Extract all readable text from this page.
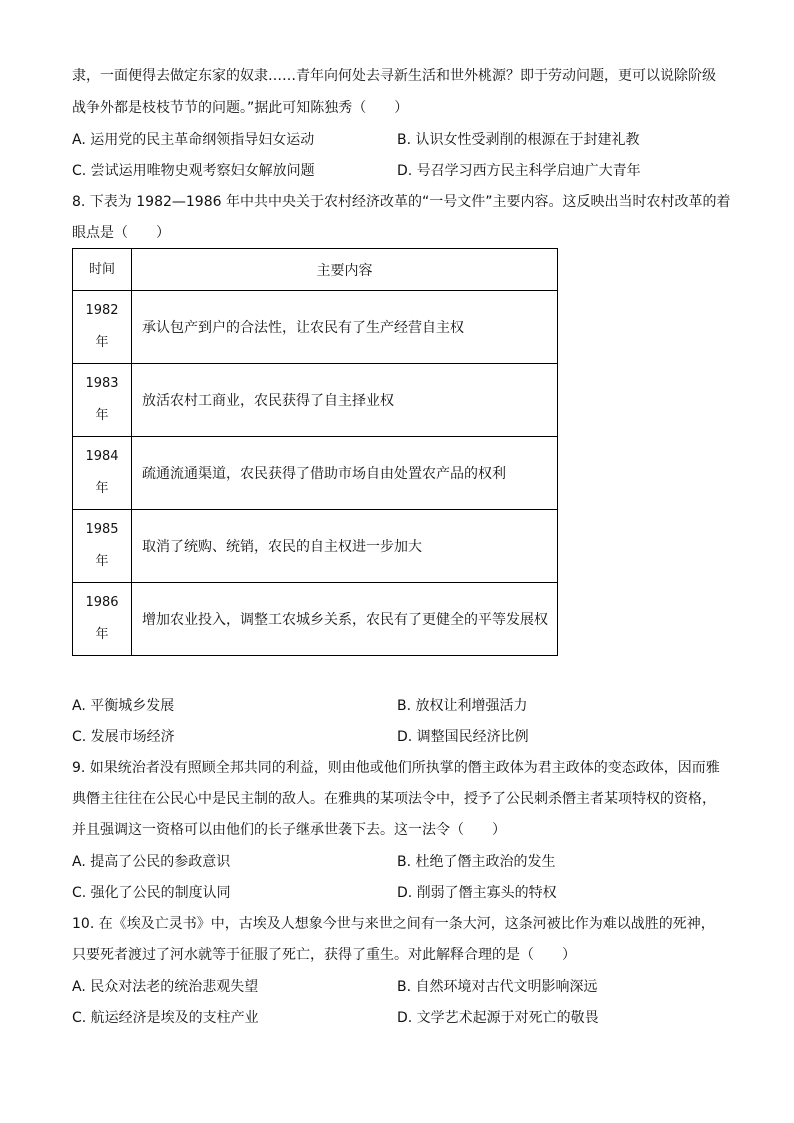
隶，一面便得去做定东家的奴隶……青年向何处去寻新生活和世外桃源？即于劳动问题，更可以说除阶级
战争外都是枝枝节节的问题。”据此可知陈独秀（　　）
A. 运用党的民主革命纲领指导妇女运动	B. 认识女性受剥削的根源在于封建礼教
C. 尝试运用唯物史观考察妇女解放问题	D. 号召学习西方民主科学启迪广大青年
8. 下表为 1982—1986 年中共中央关于农村经济改革的“一号文件”主要内容。这反映出当时农村改革的着
眼点是（　　）
时间	主要内容

1982
年	承认包产到户的合法性，让农民有了生产经营自主权

1983
年	放活农村工商业，农民获得了自主择业权

1984
年	疏通流通渠道，农民获得了借助市场自由处置农产品的权利

1985
年	取消了统购、统销，农民的自主权进一步加大

1986
年	增加农业投入，调整工农城乡关系，农民有了更健全的平等发展权
A. 平衡城乡发展	B. 放权让利增强活力
C. 发展市场经济	D. 调整国民经济比例
9. 如果统治者没有照顾全邦共同的利益，则由他或他们所执掌的僭主政体为君主政体的变态政体，因而雅
典僭主往往在公民心中是民主制的敌人。在雅典的某项法令中，授予了公民刺杀僭主者某项特权的资格，
并且强调这一资格可以由他们的长子继承世袭下去。这一法令（　　）
A. 提高了公民的参政意识	B. 杜绝了僭主政治的发生
C. 强化了公民的制度认同	D. 削弱了僭主寡头的特权
10. 在《埃及亡灵书》中，古埃及人想象今世与来世之间有一条大河，这条河被比作为难以战胜的死神，
只要死者渡过了河水就等于征服了死亡，获得了重生。对此解释合理的是（　　）
A. 民众对法老的统治悲观失望	B. 自然环境对古代文明影响深远
C. 航运经济是埃及的支柱产业	D. 文学艺术起源于对死亡的敬畏
